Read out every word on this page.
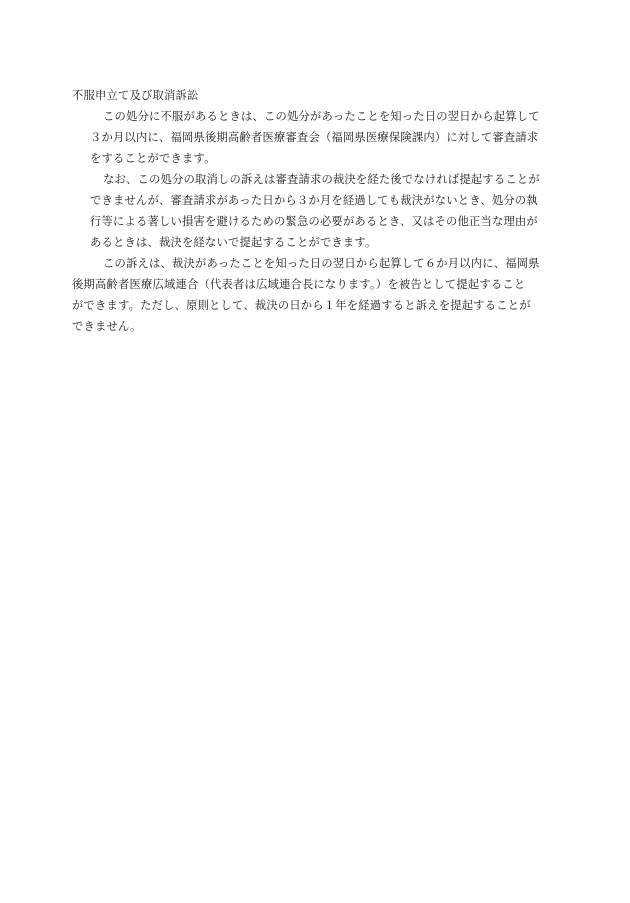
不服申立て及び取消訴訟

この処分に不服があるときは、この処分があったことを知った日の翌日から起算して
３か月以内に、福岡県後期高齢者医療審査会（福岡県医療保険課内）に対して審査請求
をすることができます。

なお、この処分の取消しの訴えは審査請求の裁決を経た後でなければ提起することが
できませんが、審査請求があった日から３か月を経過しても裁決がないとき、処分の執
行等による著しい損害を避けるための緊急の必要があるとき、又はその他正当な理由が
あるときは、裁決を経ないで提起することができます。

この訴えは、裁決があったことを知った日の翌日から起算して６か月以内に、福岡県
後期高齢者医療広域連合（代表者は広域連合長になります。）を被告として提起すること
ができます。ただし、原則として、裁決の日から１年を経過すると訴えを提起することが
できません。
